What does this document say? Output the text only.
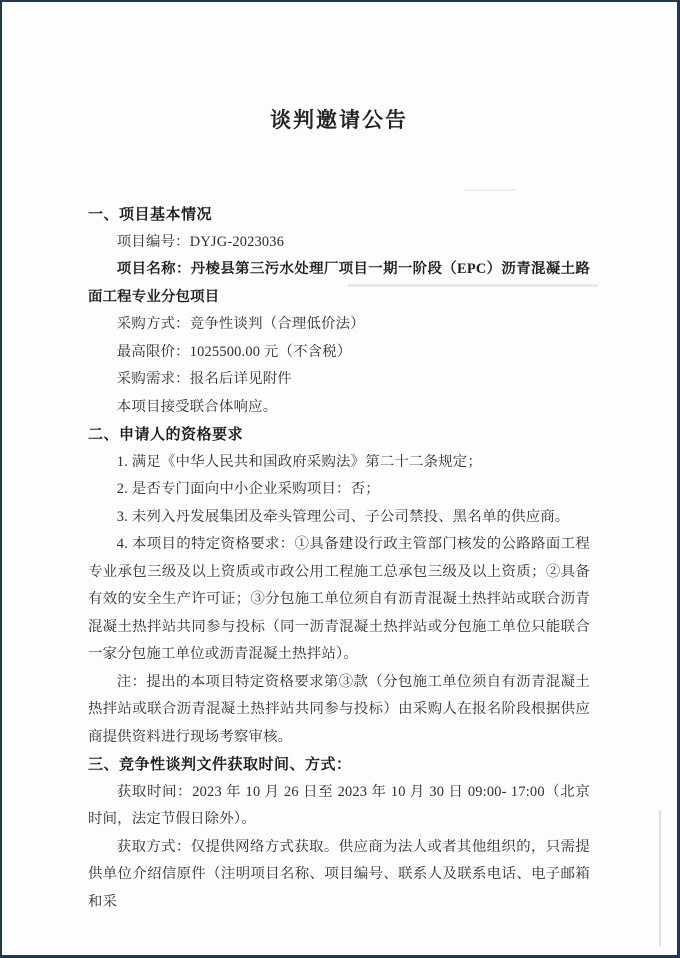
谈判邀请公告

一、项目基本情况

项目编号：DYJG-2023036

项目名称：丹棱县第三污水处理厂项目一期一阶段（EPC）沥青混凝土路面工程专业分包项目

采购方式：竞争性谈判（合理低价法）

最高限价：1025500.00 元（不含税）

采购需求：报名后详见附件

本项目接受联合体响应。

二、申请人的资格要求

1. 满足《中华人民共和国政府采购法》第二十二条规定；

2. 是否专门面向中小企业采购项目：否；

3. 未列入丹发展集团及牵头管理公司、子公司禁投、黑名单的供应商。

4. 本项目的特定资格要求：①具备建设行政主管部门核发的公路路面工程专业承包三级及以上资质或市政公用工程施工总承包三级及以上资质；②具备有效的安全生产许可证；③分包施工单位须自有沥青混凝土热拌站或联合沥青混凝土热拌站共同参与投标（同一沥青混凝土热拌站或分包施工单位只能联合一家分包施工单位或沥青混凝土热拌站）。

注：提出的本项目特定资格要求第③款（分包施工单位须自有沥青混凝土热拌站或联合沥青混凝土热拌站共同参与投标）由采购人在报名阶段根据供应商提供资料进行现场考察审核。

三、竞争性谈判文件获取时间、方式：

获取时间：2023 年 10 月 26 日至 2023 年 10 月 30 日 09:00- 17:00（北京时间，法定节假日除外）。

获取方式：仅提供网络方式获取。供应商为法人或者其他组织的，只需提供单位介绍信原件（注明项目名称、项目编号、联系人及联系电话、电子邮箱和采
